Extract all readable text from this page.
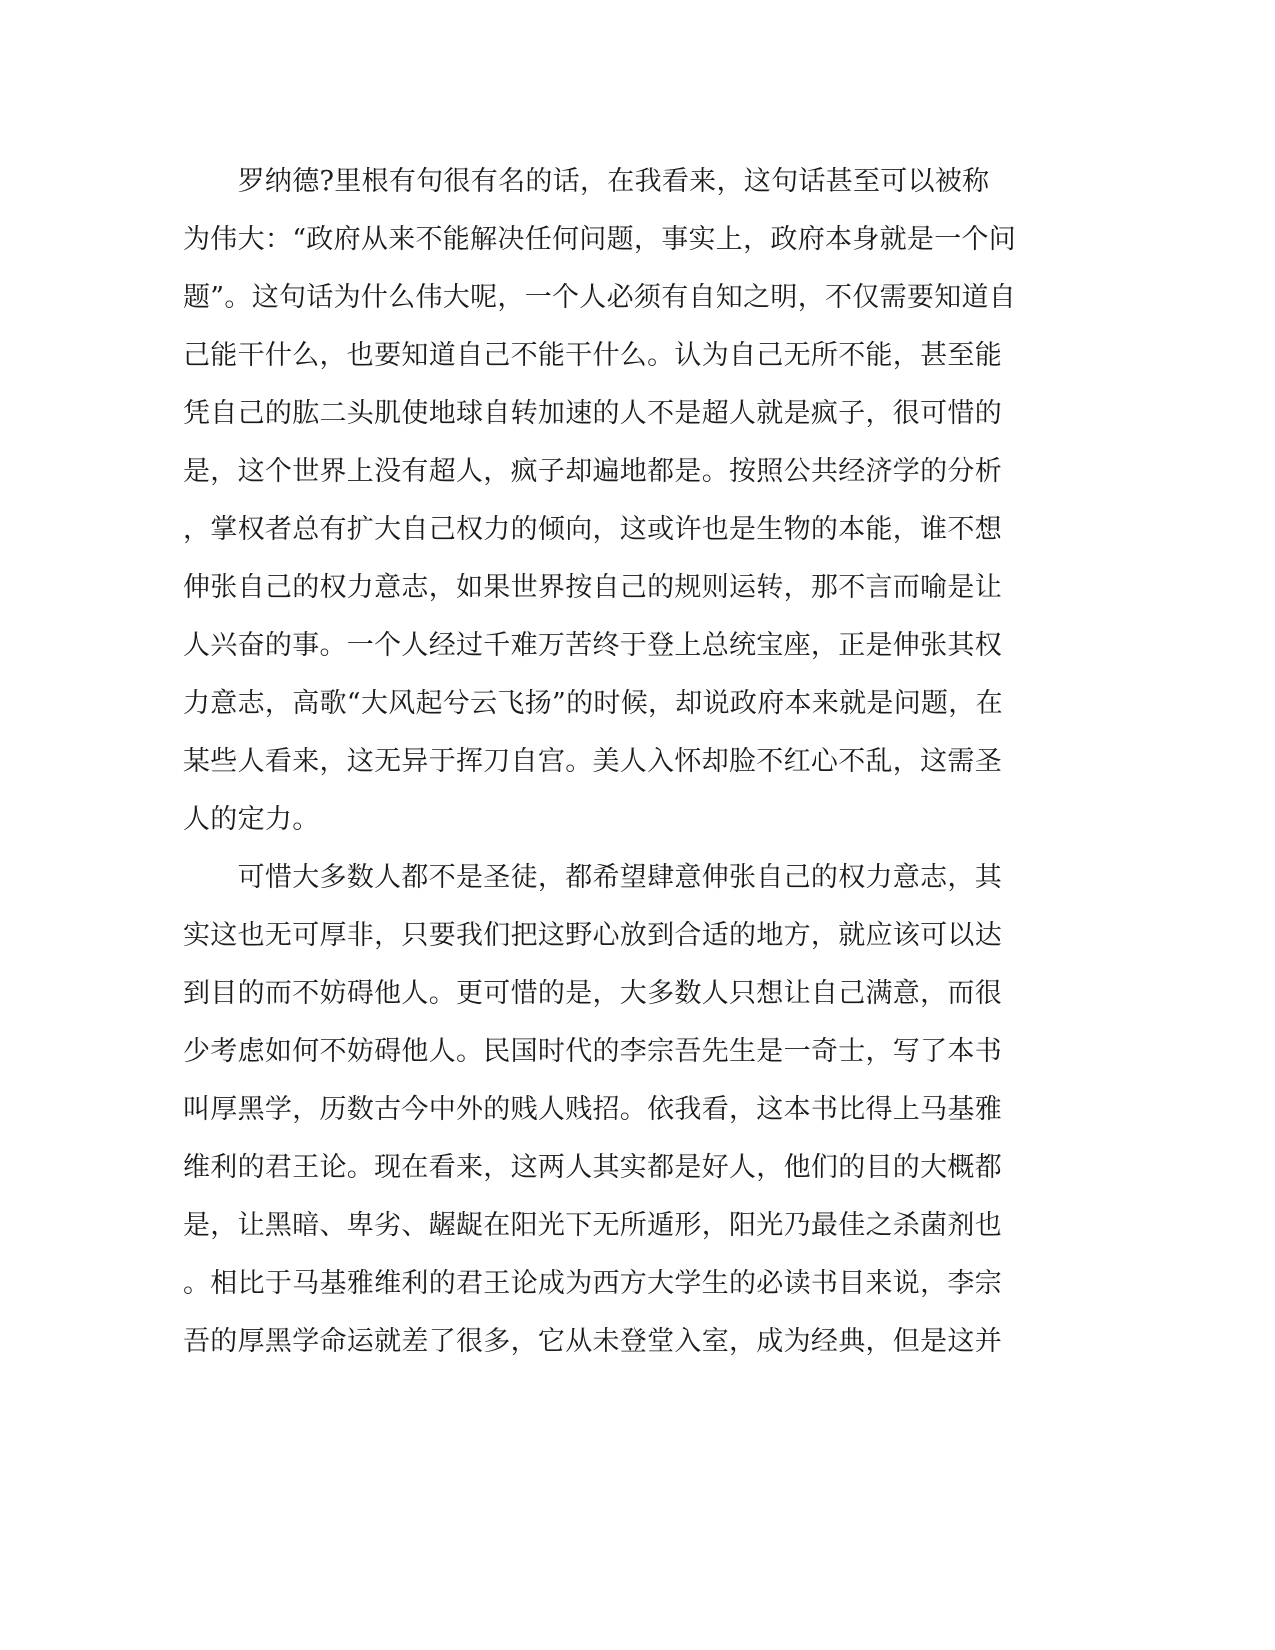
　　罗纳德?里根有句很有名的话，在我看来，这句话甚至可以被称
为伟大：“政府从来不能解决任何问题，事实上，政府本身就是一个问
题”。这句话为什么伟大呢，一个人必须有自知之明，不仅需要知道自
己能干什么，也要知道自己不能干什么。认为自己无所不能，甚至能
凭自己的肱二头肌使地球自转加速的人不是超人就是疯子，很可惜的
是，这个世界上没有超人，疯子却遍地都是。按照公共经济学的分析
，掌权者总有扩大自己权力的倾向，这或许也是生物的本能，谁不想
伸张自己的权力意志，如果世界按自己的规则运转，那不言而喻是让
人兴奋的事。一个人经过千难万苦终于登上总统宝座，正是伸张其权
力意志，高歌“大风起兮云飞扬”的时候，却说政府本来就是问题，在
某些人看来，这无异于挥刀自宫。美人入怀却脸不红心不乱，这需圣
人的定力。
　　可惜大多数人都不是圣徒，都希望肆意伸张自己的权力意志，其
实这也无可厚非，只要我们把这野心放到合适的地方，就应该可以达
到目的而不妨碍他人。更可惜的是，大多数人只想让自己满意，而很
少考虑如何不妨碍他人。民国时代的李宗吾先生是一奇士，写了本书
叫厚黑学，历数古今中外的贱人贱招。依我看，这本书比得上马基雅
维利的君王论。现在看来，这两人其实都是好人，他们的目的大概都
是，让黑暗、卑劣、龌龊在阳光下无所遁形，阳光乃最佳之杀菌剂也
。相比于马基雅维利的君王论成为西方大学生的必读书目来说，李宗
吾的厚黑学命运就差了很多，它从未登堂入室，成为经典，但是这并
